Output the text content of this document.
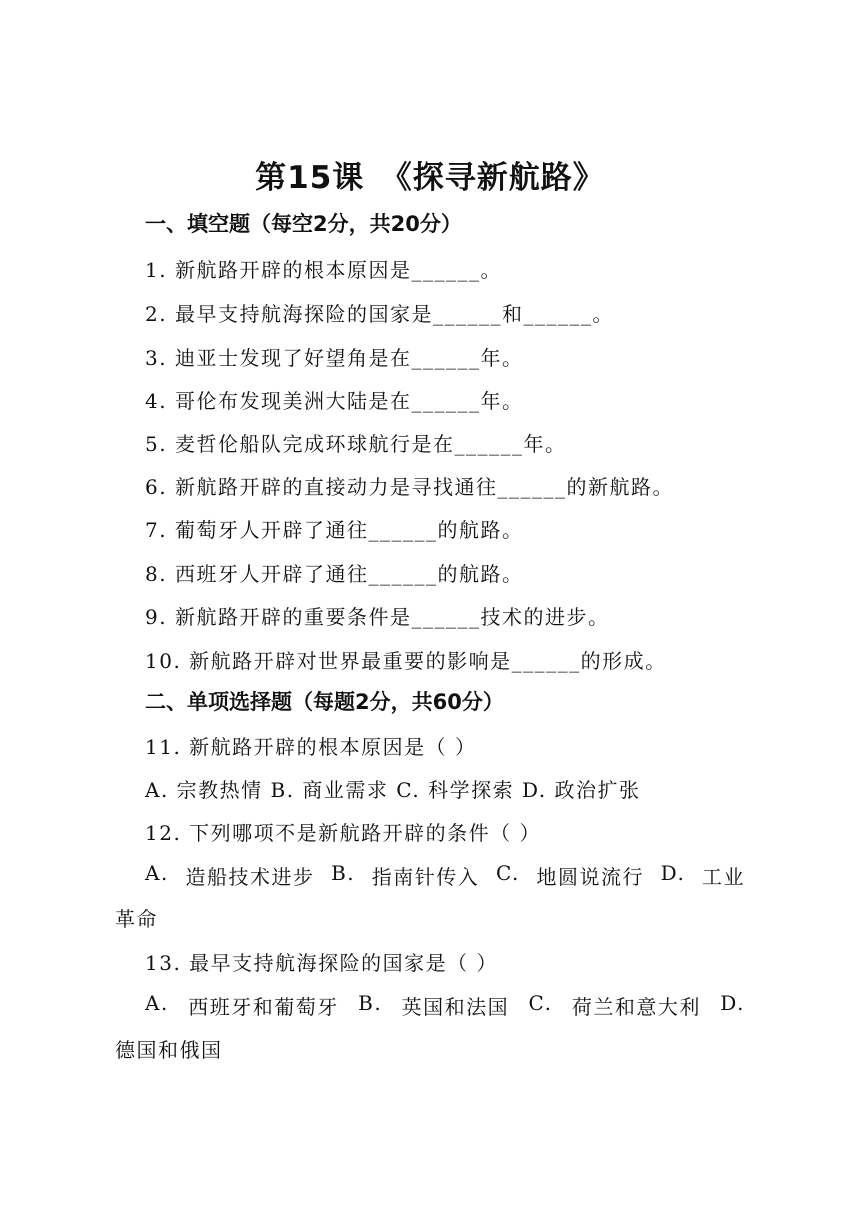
第15课　《探寻新航路》
一、填空题（每空2分，共20分）
1. 新航路开辟的根本原因是______。
2. 最早支持航海探险的国家是______和______。
3. 迪亚士发现了好望角是在______年。
4. 哥伦布发现美洲大陆是在______年。
5. 麦哲伦船队完成环球航行是在______年。
6. 新航路开辟的直接动力是寻找通往______的新航路。
7. 葡萄牙人开辟了通往______的航路。
8. 西班牙人开辟了通往______的航路。
9. 新航路开辟的重要条件是______技术的进步。
10. 新航路开辟对世界最重要的影响是______的形成。
二、单项选择题（每题2分，共60分）
11. 新航路开辟的根本原因是（ ）
A. 宗教热情 B. 商业需求 C. 科学探索 D. 政治扩张
12. 下列哪项不是新航路开辟的条件（ ）
A. 造船技术进步 B. 指南针传入 C. 地圆说流行 D. 工业
革命
13. 最早支持航海探险的国家是（ ）
A. 西班牙和葡萄牙 B. 英国和法国 C. 荷兰和意大利 D.
德国和俄国
